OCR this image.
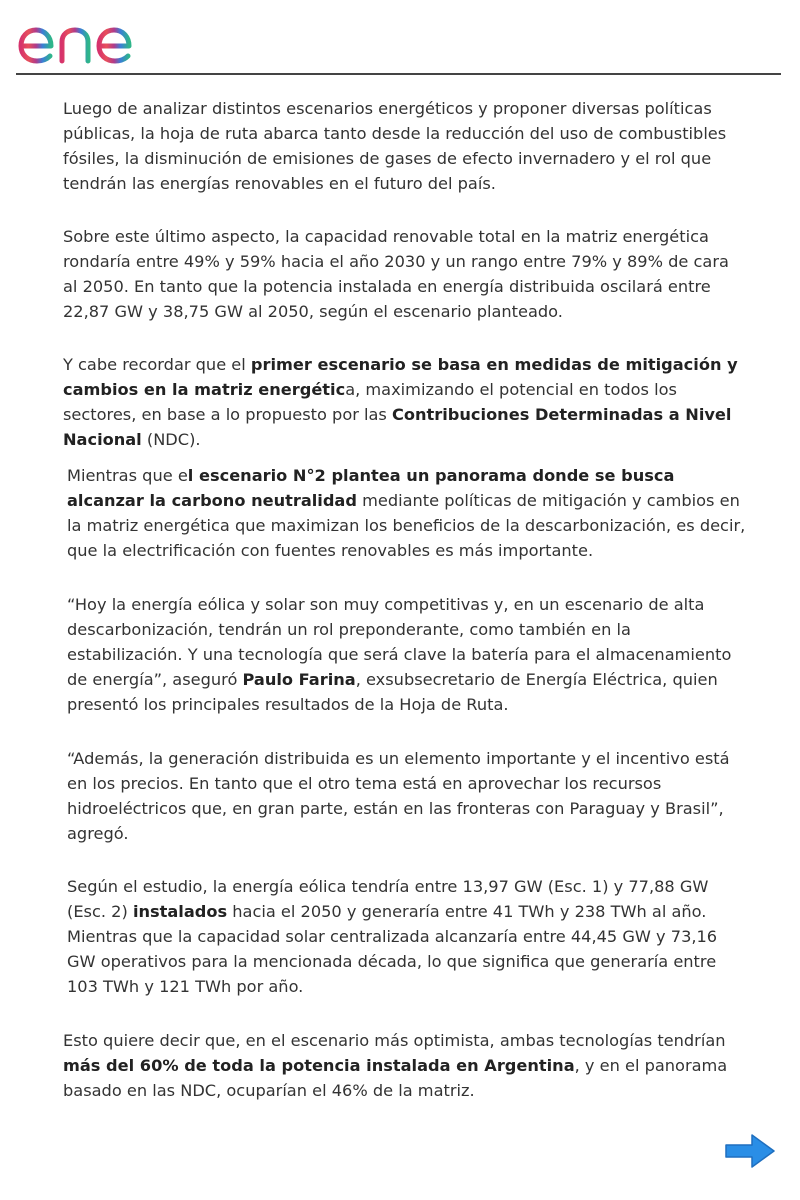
Luego de analizar distintos escenarios energéticos y proponer diversas políticas públicas, la hoja de ruta abarca tanto desde la reducción del uso de combustibles fósiles, la disminución de emisiones de gases de efecto invernadero y el rol que tendrán las energías renovables en el futuro del país.

Sobre este último aspecto, la capacidad renovable total en la matriz energética rondaría entre 49% y 59% hacia el año 2030 y un rango entre 79% y 89% de cara al 2050. En tanto que la potencia instalada en energía distribuida oscilará entre 22,87 GW y 38,75 GW al 2050, según el escenario planteado.

Y cabe recordar que el primer escenario se basa en medidas de mitigación y cambios en la matriz energética, maximizando el potencial en todos los sectores, en base a lo propuesto por las Contribuciones Determinadas a Nivel Nacional (NDC).

Mientras que el escenario N°2 plantea un panorama donde se busca alcanzar la carbono neutralidad mediante políticas de mitigación y cambios en la matriz energética que maximizan los beneficios de la descarbonización, es decir, que la electrificación con fuentes renovables es más importante.

“Hoy la energía eólica y solar son muy competitivas y, en un escenario de alta descarbonización, tendrán un rol preponderante, como también en la estabilización. Y una tecnología que será clave la batería para el almacenamiento de energía”, aseguró Paulo Farina, exsubsecretario de Energía Eléctrica, quien presentó los principales resultados de la Hoja de Ruta.

“Además, la generación distribuida es un elemento importante y el incentivo está en los precios. En tanto que el otro tema está en aprovechar los recursos hidroeléctricos que, en gran parte, están en las fronteras con Paraguay y Brasil”, agregó.

Según el estudio, la energía eólica tendría entre 13,97 GW (Esc. 1) y 77,88 GW (Esc. 2) instalados hacia el 2050 y generaría entre 41 TWh y 238 TWh al año. Mientras que la capacidad solar centralizada alcanzaría entre 44,45 GW y 73,16 GW operativos para la mencionada década, lo que significa que generaría entre 103 TWh y 121 TWh por año.

Esto quiere decir que, en el escenario más optimista, ambas tecnologías tendrían más del 60% de toda la potencia instalada en Argentina, y en el panorama basado en las NDC, ocuparían el 46% de la matriz.
